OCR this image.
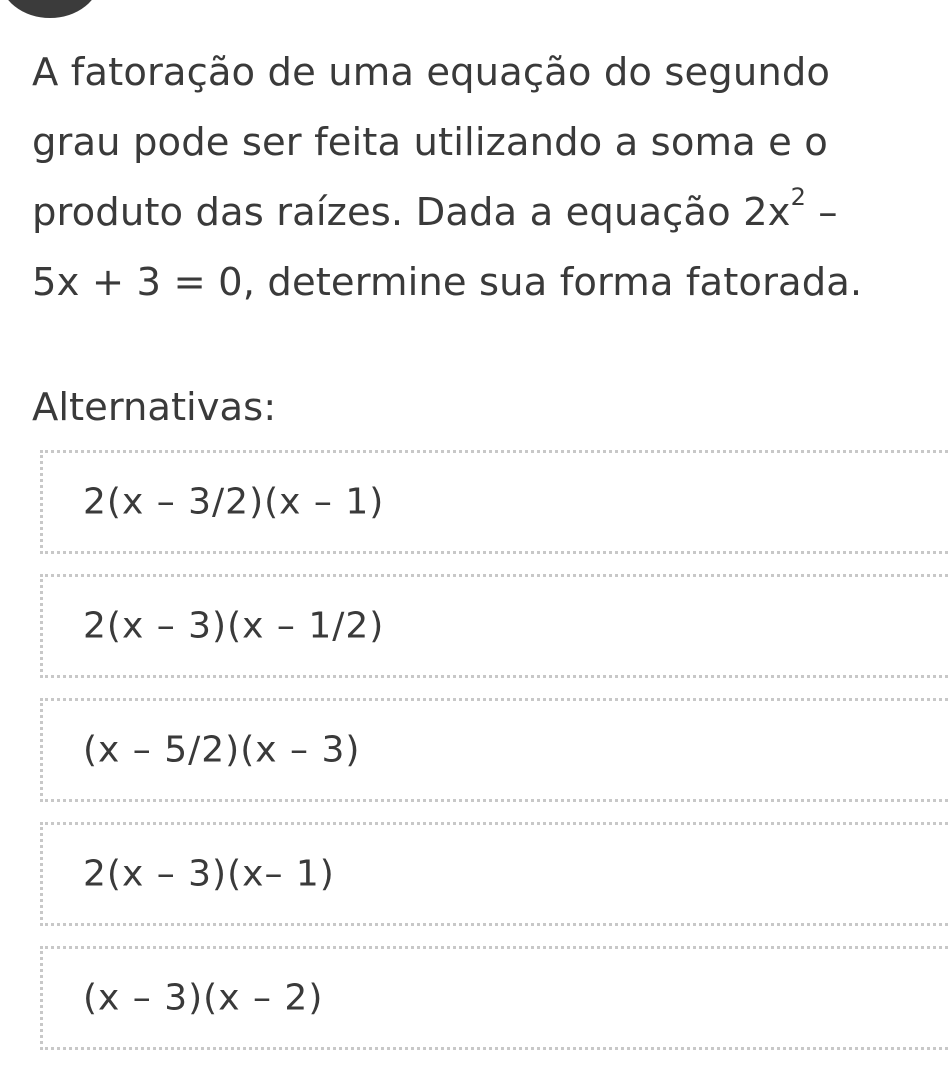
A fatoração de uma equação do segundo
grau pode ser feita utilizando a soma e o
produto das raízes. Dada a equação $2x^2$ –
5x + 3 = 0, determine sua forma fatorada.
Alternativas:
2(x – 3/2)(x – 1)
2(x – 3)(x – 1/2)
(x – 5/2)(x – 3)
2(x – 3)(x– 1)
(x – 3)(x – 2)
